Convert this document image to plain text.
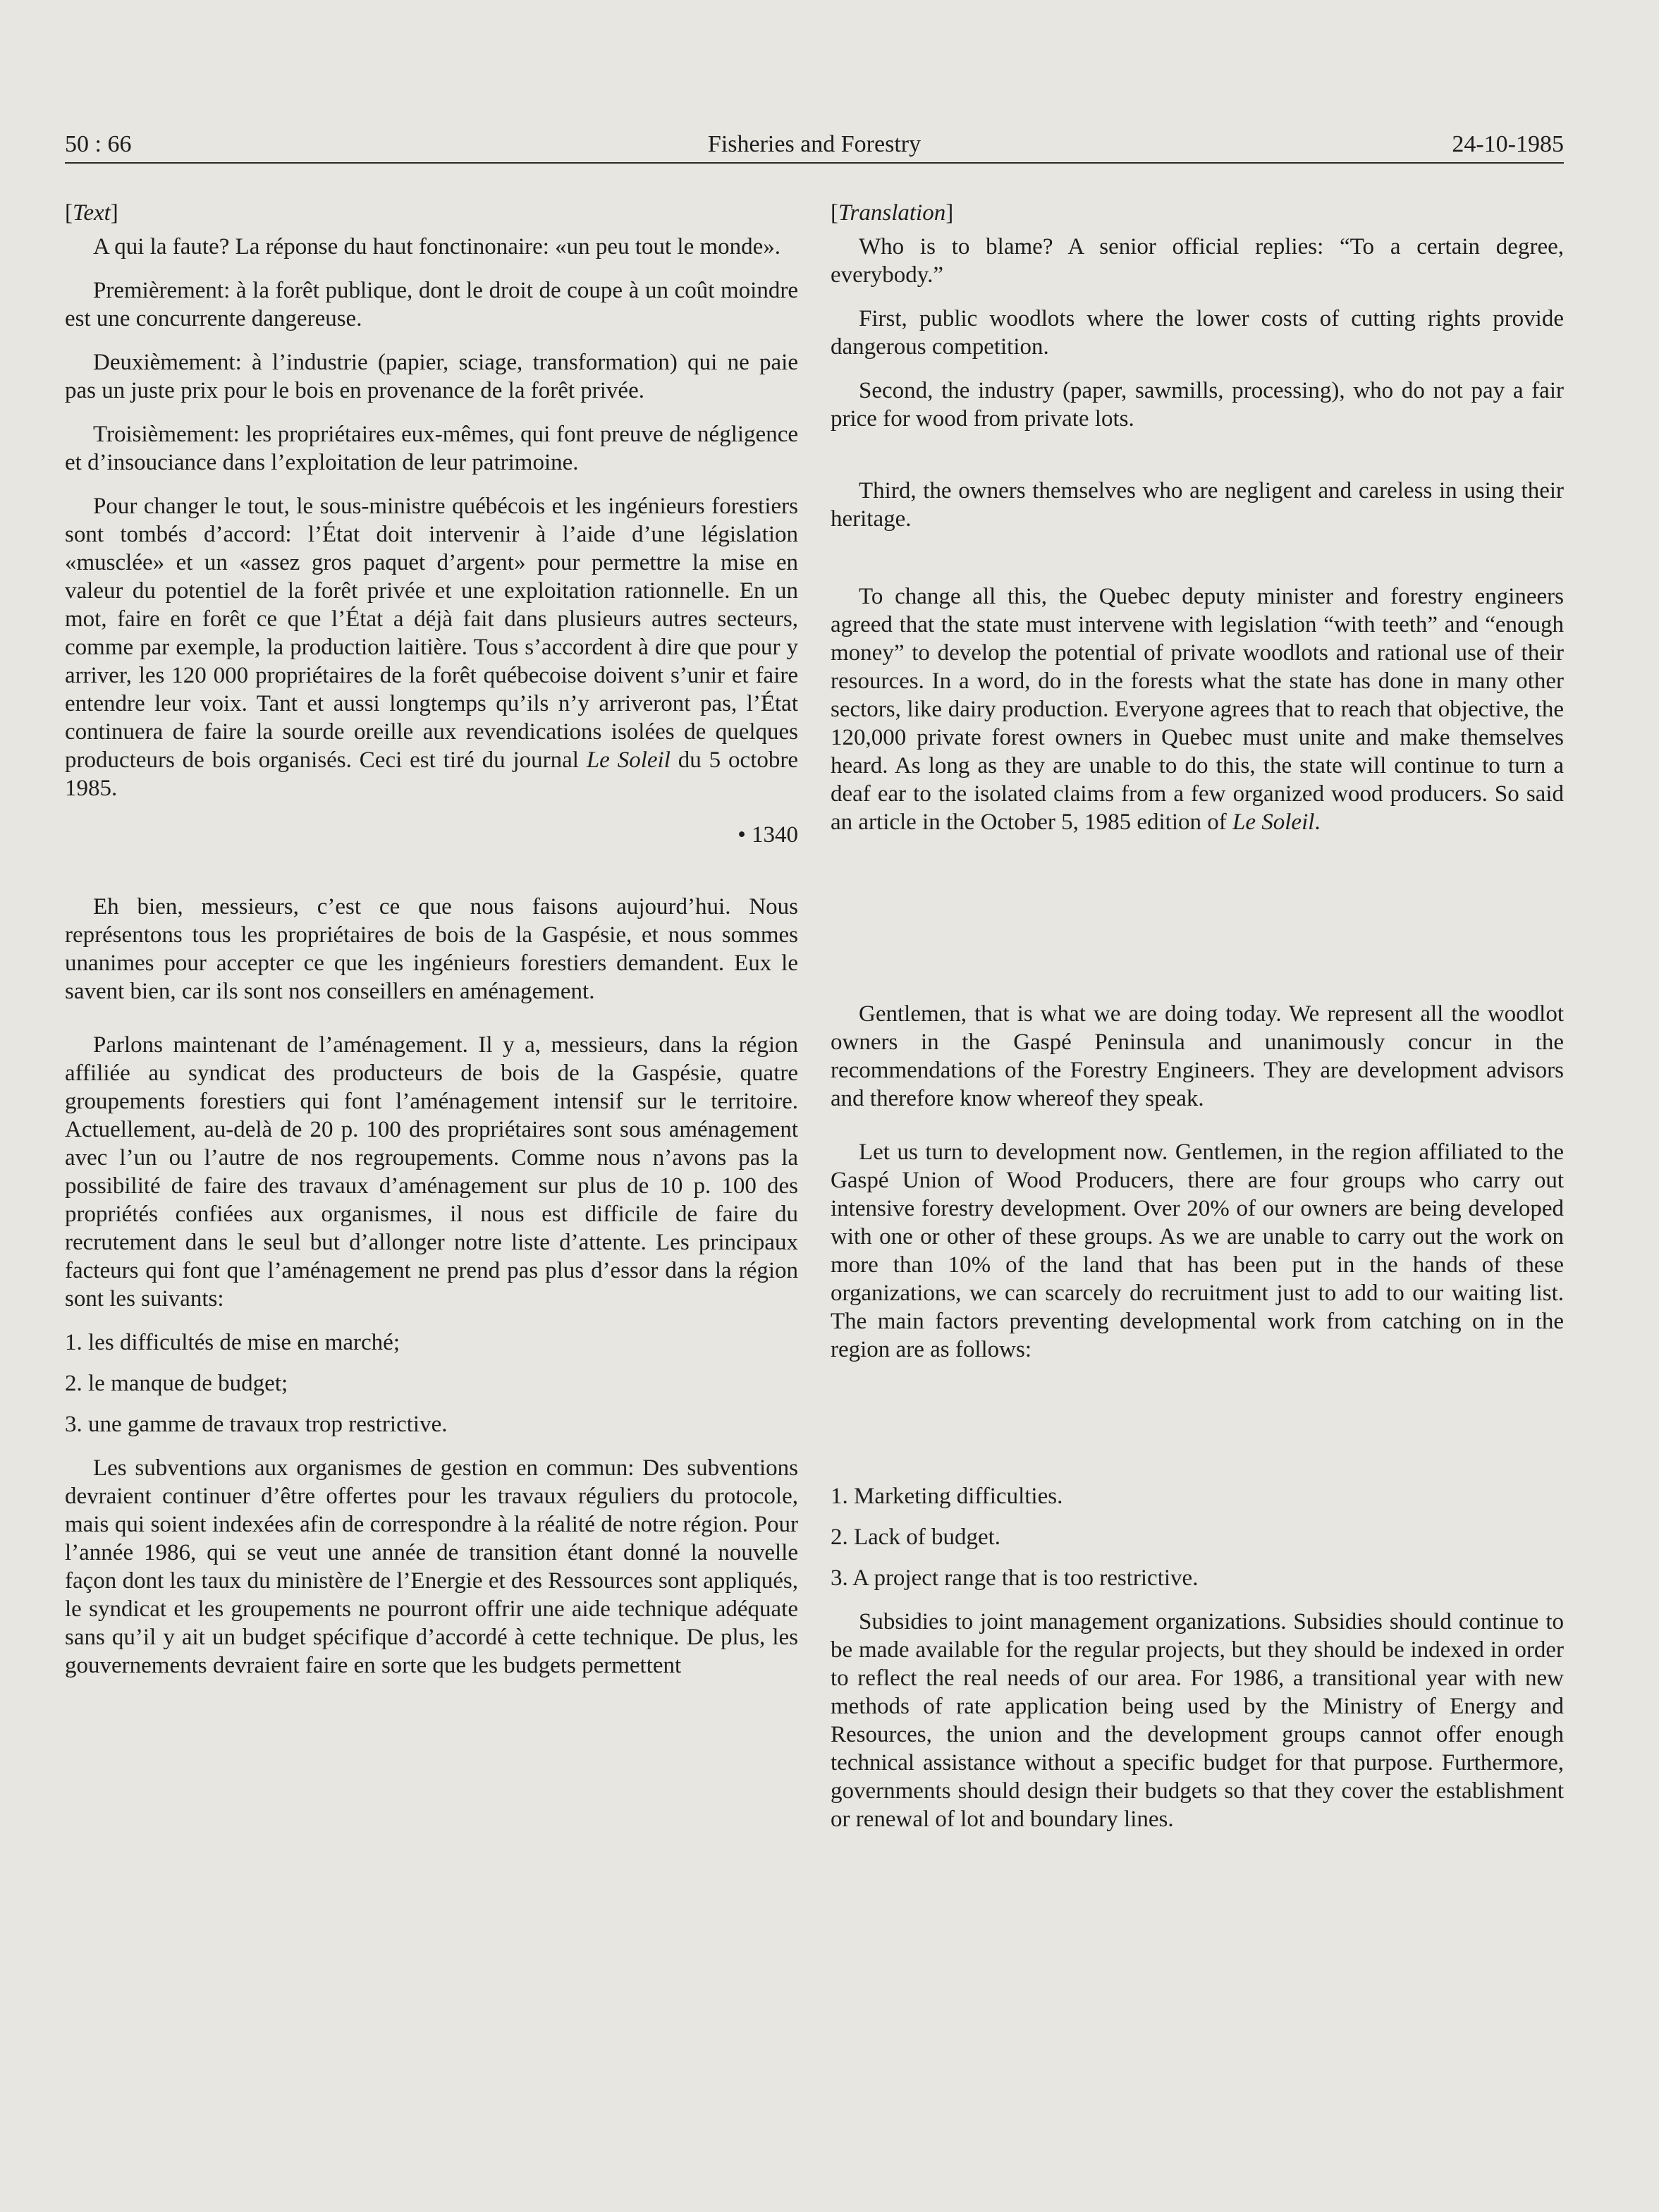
50 : 66	Fisheries and Forestry	24-10-1985

[Text]

A qui la faute? La réponse du haut fonctinonaire: «un peu tout le monde».

Premièrement: à la forêt publique, dont le droit de coupe à un coût moindre est une concurrente dangereuse.

Deuxièmement: à l’industrie (papier, sciage, transformation) qui ne paie pas un juste prix pour le bois en provenance de la forêt privée.

Troisièmement: les propriétaires eux-mêmes, qui font preuve de négligence et d’insouciance dans l’exploitation de leur patrimoine.

Pour changer le tout, le sous-ministre québécois et les ingénieurs forestiers sont tombés d’accord: l’État doit intervenir à l’aide d’une législation «musclée» et un «assez gros paquet d’argent» pour permettre la mise en valeur du potentiel de la forêt privée et une exploitation rationnelle. En un mot, faire en forêt ce que l’État a déjà fait dans plusieurs autres secteurs, comme par exemple, la production laitière. Tous s’accordent à dire que pour y arriver, les 120 000 propriétaires de la forêt québecoise doivent s’unir et faire entendre leur voix. Tant et aussi longtemps qu’ils n’y arriveront pas, l’État continuera de faire la sourde oreille aux revendications isolées de quelques producteurs de bois organisés. Ceci est tiré du journal Le Soleil du 5 octobre 1985.

• 1340

Eh bien, messieurs, c’est ce que nous faisons aujourd’hui. Nous représentons tous les propriétaires de bois de la Gaspésie, et nous sommes unanimes pour accepter ce que les ingénieurs forestiers demandent. Eux le savent bien, car ils sont nos conseillers en aménagement.

Parlons maintenant de l’aménagement. Il y a, messieurs, dans la région affiliée au syndicat des producteurs de bois de la Gaspésie, quatre groupements forestiers qui font l’aménagement intensif sur le territoire. Actuellement, au-delà de 20 p. 100 des propriétaires sont sous aménagement avec l’un ou l’autre de nos regroupements. Comme nous n’avons pas la possibilité de faire des travaux d’aménagement sur plus de 10 p. 100 des propriétés confiées aux organismes, il nous est difficile de faire du recrutement dans le seul but d’allonger notre liste d’attente. Les principaux facteurs qui font que l’aménagement ne prend pas plus d’essor dans la région sont les suivants:

1. les difficultés de mise en marché;

2. le manque de budget;

3. une gamme de travaux trop restrictive.

Les subventions aux organismes de gestion en commun: Des subventions devraient continuer d’être offertes pour les travaux réguliers du protocole, mais qui soient indexées afin de correspondre à la réalité de notre région. Pour l’année 1986, qui se veut une année de transition étant donné la nouvelle façon dont les taux du ministère de l’Energie et des Ressources sont appliqués, le syndicat et les groupements ne pourront offrir une aide technique adéquate sans qu’il y ait un budget spécifique d’accordé à cette technique. De plus, les gouvernements devraient faire en sorte que les budgets permettent

[Translation]

Who is to blame? A senior official replies: “To a certain degree, everybody.”

First, public woodlots where the lower costs of cutting rights provide dangerous competition.

Second, the industry (paper, sawmills, processing), who do not pay a fair price for wood from private lots.

Third, the owners themselves who are negligent and careless in using their heritage.

To change all this, the Quebec deputy minister and forestry engineers agreed that the state must intervene with legislation “with teeth” and “enough money” to develop the potential of private woodlots and rational use of their resources. In a word, do in the forests what the state has done in many other sectors, like dairy production. Everyone agrees that to reach that objective, the 120,000 private forest owners in Quebec must unite and make themselves heard. As long as they are unable to do this, the state will continue to turn a deaf ear to the isolated claims from a few organized wood producers. So said an article in the October 5, 1985 edition of Le Soleil.

Gentlemen, that is what we are doing today. We represent all the woodlot owners in the Gaspé Peninsula and unanimously concur in the recommendations of the Forestry Engineers. They are development advisors and therefore know whereof they speak.

Let us turn to development now. Gentlemen, in the region affiliated to the Gaspé Union of Wood Producers, there are four groups who carry out intensive forestry development. Over 20% of our owners are being developed with one or other of these groups. As we are unable to carry out the work on more than 10% of the land that has been put in the hands of these organizations, we can scarcely do recruitment just to add to our waiting list. The main factors preventing developmental work from catching on in the region are as follows:

1. Marketing difficulties.

2. Lack of budget.

3. A project range that is too restrictive.

Subsidies to joint management organizations. Subsidies should continue to be made available for the regular projects, but they should be indexed in order to reflect the real needs of our area. For 1986, a transitional year with new methods of rate application being used by the Ministry of Energy and Resources, the union and the development groups cannot offer enough technical assistance without a specific budget for that purpose. Furthermore, governments should design their budgets so that they cover the establishment or renewal of lot and boundary lines.
